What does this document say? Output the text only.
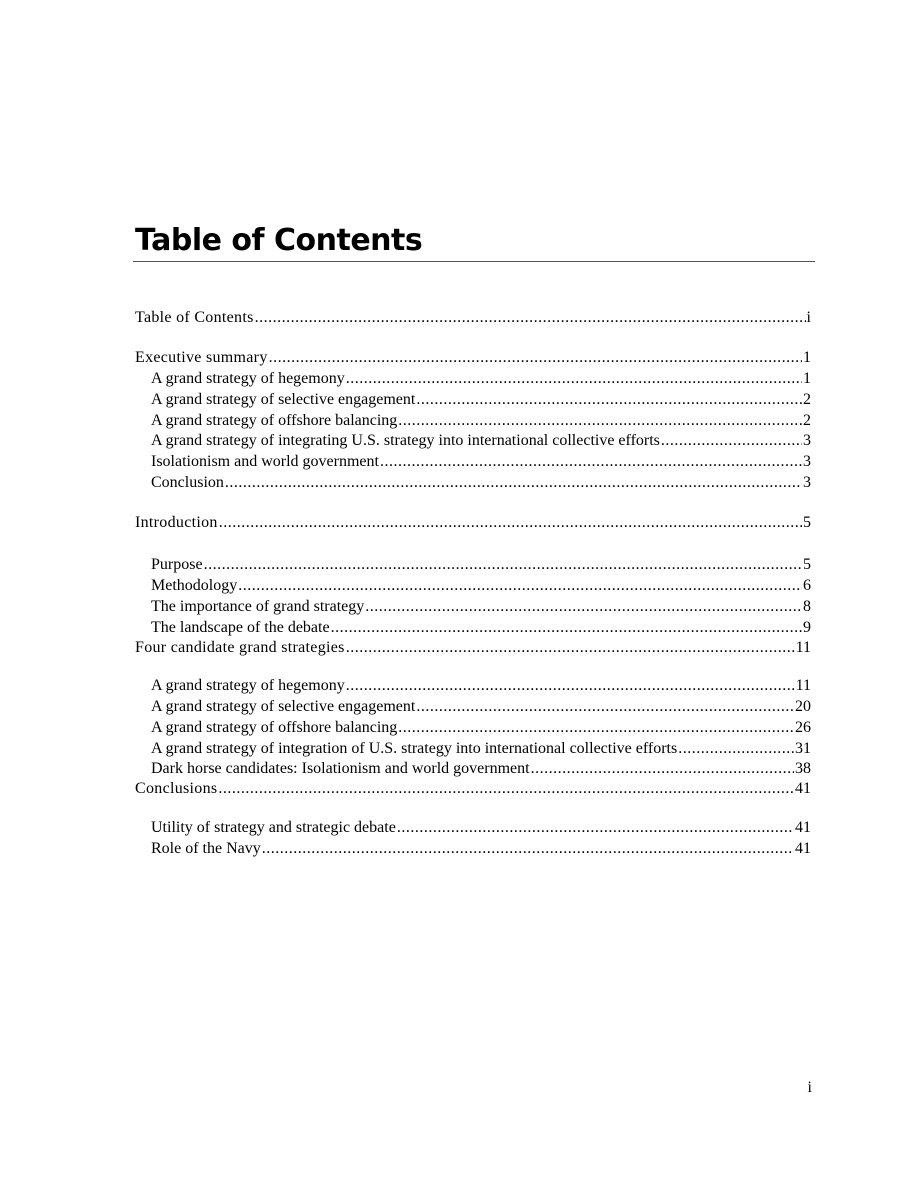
Table of Contents
Table of Contents .....	i
Executive summary .....	1
A grand strategy of hegemony .....	1
A grand strategy of selective engagement .....	2
A grand strategy of offshore balancing .....	2
A grand strategy of integrating U.S. strategy into international collective efforts .....	3
Isolationism and world government .....	3
Conclusion .....	3
Introduction .....	5
Purpose .....	5
Methodology .....	6
The importance of grand strategy .....	8
The landscape of the debate .....	9
Four candidate grand strategies .....	11
A grand strategy of hegemony .....	11
A grand strategy of selective engagement .....	20
A grand strategy of offshore balancing .....	26
A grand strategy of integration of U.S. strategy into international collective efforts .....	31
Dark horse candidates: Isolationism and world government .....	38
Conclusions .....	41
Utility of strategy and strategic debate .....	41
Role of the Navy .....	41
i
